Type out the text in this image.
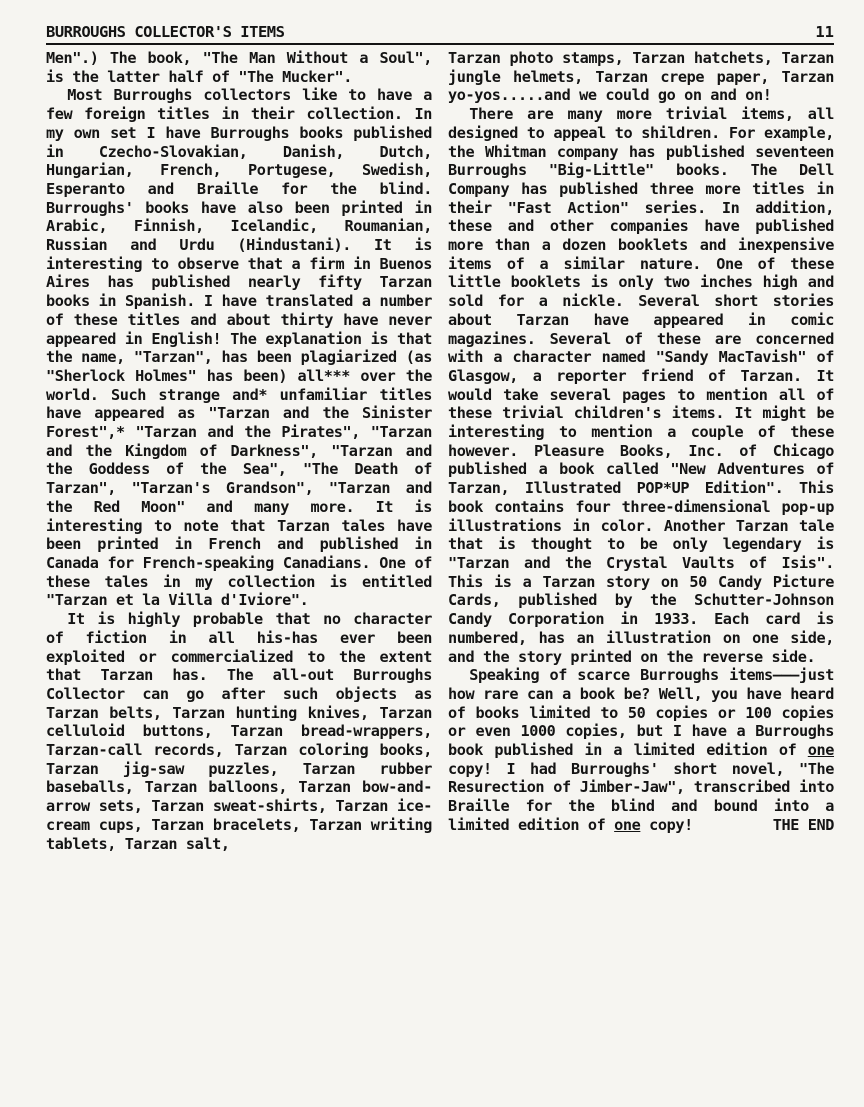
BURROUGHS COLLECTOR'S ITEMS	11

Men".) The book, "The Man Without a Soul", is the latter half of "The Mucker".

Most Burroughs collectors like to have a few foreign titles in their collection. In my own set I have Burroughs books published in Czecho-Slovakian, Danish, Dutch, Hungarian, French, Portugese, Swedish, Esperanto and Braille for the blind. Burroughs' books have also been printed in Arabic, Finnish, Icelandic, Roumanian, Russian and Urdu (Hindustani). It is interesting to observe that a firm in Buenos Aires has published nearly fifty Tarzan books in Spanish. I have translated a number of these titles and about thirty have never appeared in English! The explanation is that the name, "Tarzan", has been plagiarized (as "Sherlock Holmes" has been) all*** over the world. Such strange and* unfamiliar titles have appeared as "Tarzan and the Sinister Forest",* "Tarzan and the Pirates", "Tarzan and the Kingdom of Darkness", "Tarzan and the Goddess of the Sea", "The Death of Tarzan", "Tarzan's Grandson", "Tarzan and the Red Moon" and many more. It is interesting to note that Tarzan tales have been printed in French and published in Canada for French-speaking Canadians. One of these tales in my collection is entitled "Tarzan et la Villa d'Iviore".

It is highly probable that no character of fiction in all his-has ever been exploited or commercialized to the extent that Tarzan has. The all-out Burroughs Collector can go after such objects as Tarzan belts, Tarzan hunting knives, Tarzan celluloid buttons, Tarzan bread-wrappers, Tarzan-call records, Tarzan coloring books, Tarzan jig-saw puzzles, Tarzan rubber baseballs, Tarzan balloons, Tarzan bow-and-arrow sets, Tarzan sweat-shirts, Tarzan ice-cream cups, Tarzan bracelets, Tarzan writing tablets, Tarzan salt,

Tarzan photo stamps, Tarzan hatchets, Tarzan jungle helmets, Tarzan crepe paper, Tarzan yo-yos.....and we could go on and on!

There are many more trivial items, all designed to appeal to shildren. For example, the Whitman company has published seventeen Burroughs "Big-Little" books. The Dell Company has published three more titles in their "Fast Action" series. In addition, these and other companies have published more than a dozen booklets and inexpensive items of a similar nature. One of these little booklets is only two inches high and sold for a nickle. Several short stories about Tarzan have appeared in comic magazines. Several of these are concerned with a character named "Sandy MacTavish" of Glasgow, a reporter friend of Tarzan. It would take several pages to mention all of these trivial children's items. It might be interesting to mention a couple of these however. Pleasure Books, Inc. of Chicago published a book called "New Adventures of Tarzan, Illustrated POP*UP Edition". This book contains four three-dimensional pop-up illustrations in color. Another Tarzan tale that is thought to be only legendary is "Tarzan and the Crystal Vaults of Isis". This is a Tarzan story on 50 Candy Picture Cards, published by the Schutter-Johnson Candy Corporation in 1933. Each card is numbered, has an illustration on one side, and the story printed on the reverse side.

Speaking of scarce Burroughs items———just how rare can a book be? Well, you have heard of books limited to 50 copies or 100 copies or even 1000 copies, but I have a Burroughs book published in a limited edition of one copy! I had Burroughs' short novel, "The Resurection of Jimber-Jaw", transcribed into Braille for the blind and bound into a limited edition of one copy!	THE END
